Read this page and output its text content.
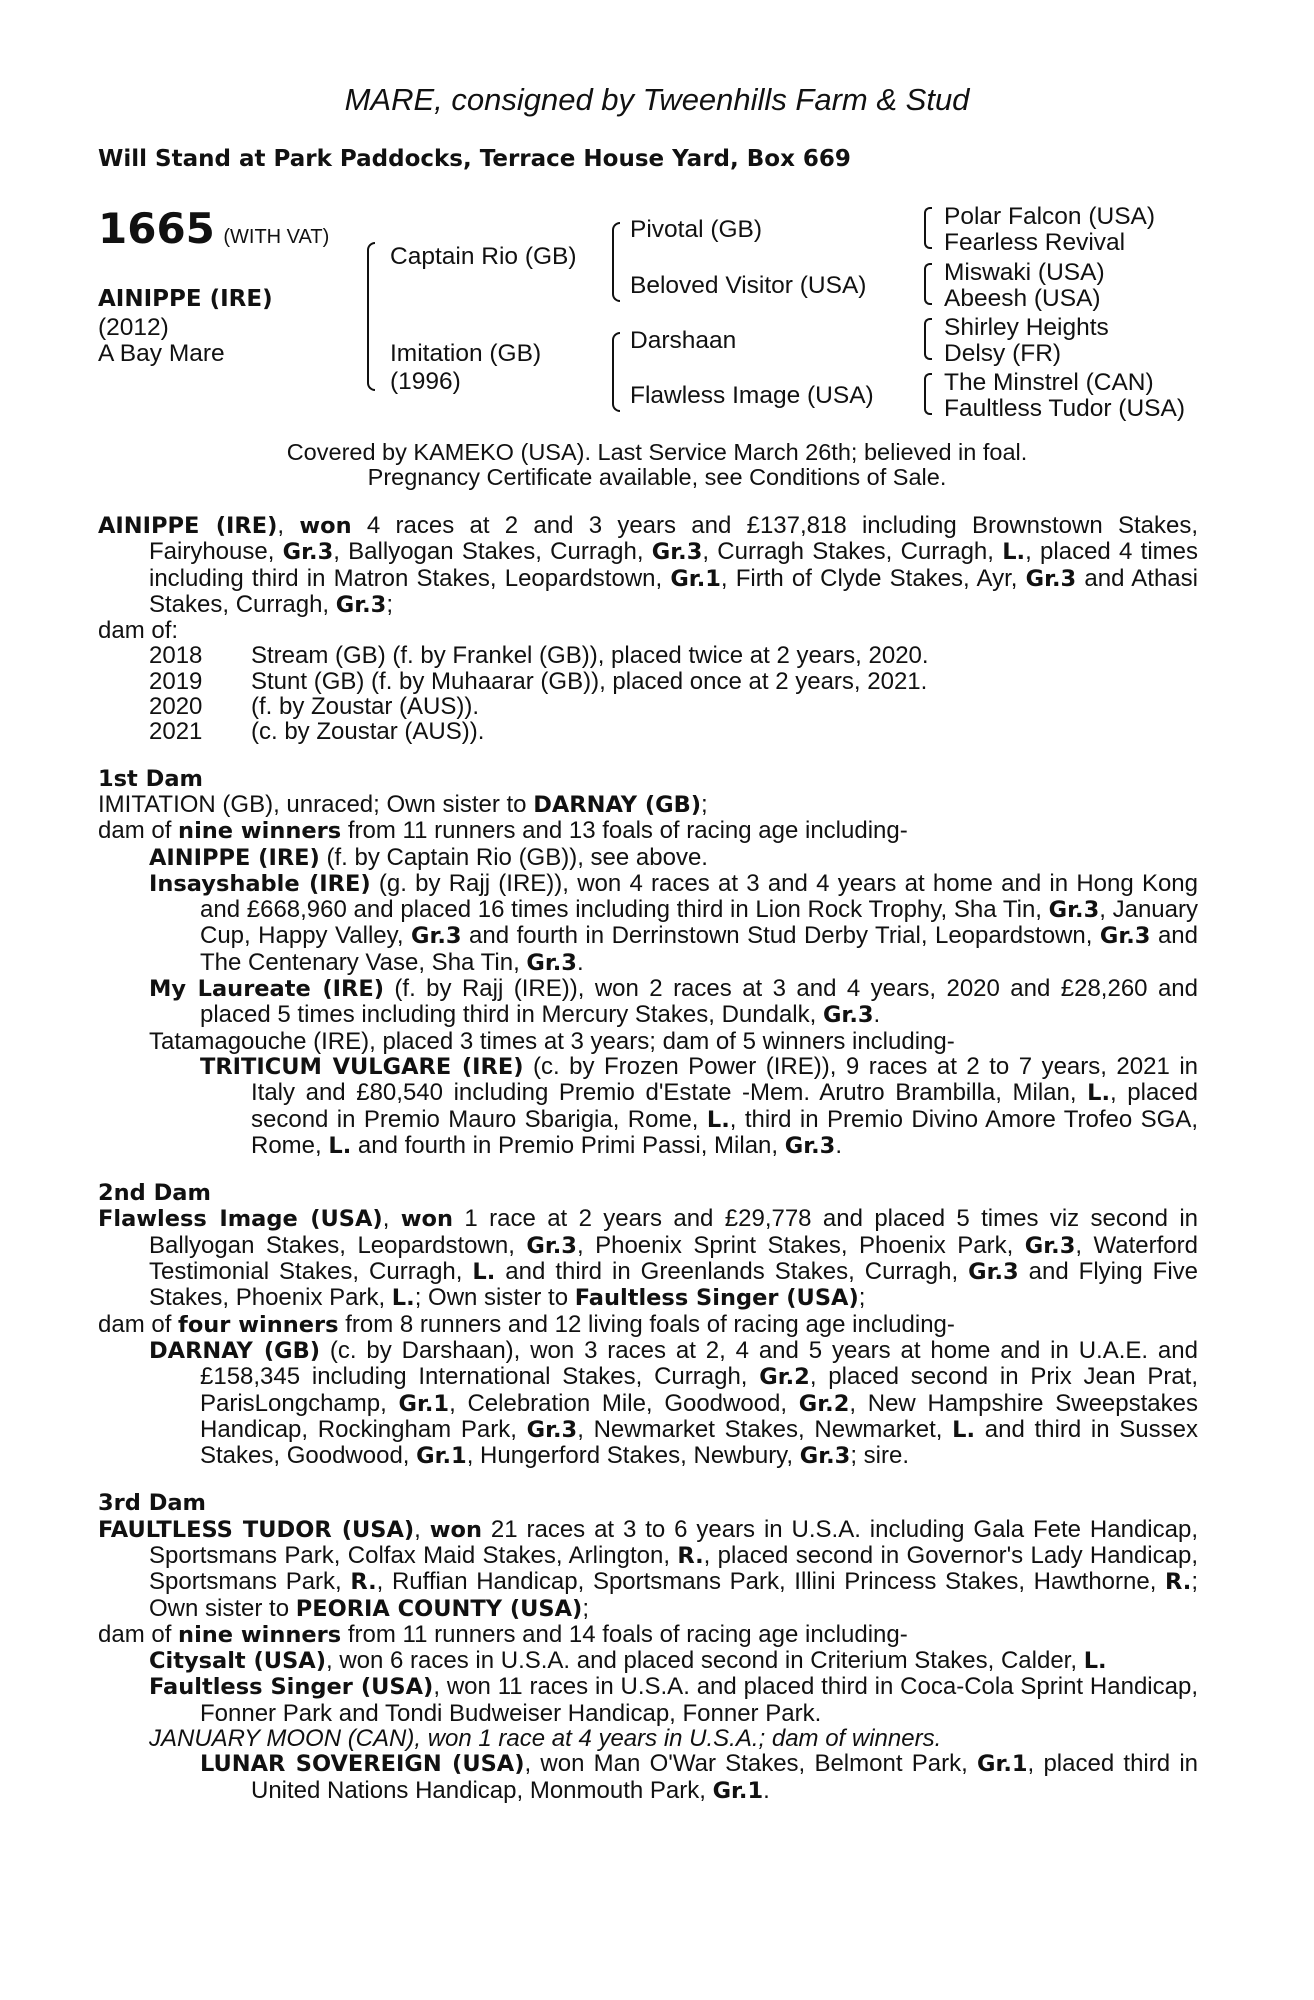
MARE, consigned by Tweenhills Farm & Stud
Will Stand at Park Paddocks, Terrace House Yard, Box 669
1665 (WITH VAT)
AINIPPE (IRE)
(2012)
A Bay Mare
Captain Rio (GB)
Imitation (GB)
(1996)
Pivotal (GB)
Beloved Visitor (USA)
Darshaan
Flawless Image (USA)
Polar Falcon (USA)
Fearless Revival
Miswaki (USA)
Abeesh (USA)
Shirley Heights
Delsy (FR)
The Minstrel (CAN)
Faultless Tudor (USA)
Covered by KAMEKO (USA). Last Service March 26th; believed in foal.
Pregnancy Certificate available, see Conditions of Sale.

AINIPPE (IRE), won 4 races at 2 and 3 years and £137,818 including Brownstown Stakes, Fairyhouse, Gr.3, Ballyogan Stakes, Curragh, Gr.3, Curragh Stakes, Curragh, L., placed 4 times including third in Matron Stakes, Leopardstown, Gr.1, Firth of Clyde Stakes, Ayr, Gr.3 and Athasi Stakes, Curragh, Gr.3;

dam of:

2018	Stream (GB) (f. by Frankel (GB)), placed twice at 2 years, 2020.
2019	Stunt (GB) (f. by Muhaarar (GB)), placed once at 2 years, 2021.
2020	(f. by Zoustar (AUS)).
2021	(c. by Zoustar (AUS)).

1st Dam

IMITATION (GB), unraced; Own sister to DARNAY (GB);

dam of nine winners from 11 runners and 13 foals of racing age including-

AINIPPE (IRE) (f. by Captain Rio (GB)), see above.

Insayshable (IRE) (g. by Rajj (IRE)), won 4 races at 3 and 4 years at home and in Hong Kong and £668,960 and placed 16 times including third in Lion Rock Trophy, Sha Tin, Gr.3, January Cup, Happy Valley, Gr.3 and fourth in Derrinstown Stud Derby Trial, Leopardstown, Gr.3 and The Centenary Vase, Sha Tin, Gr.3.

My Laureate (IRE) (f. by Rajj (IRE)), won 2 races at 3 and 4 years, 2020 and £28,260 and placed 5 times including third in Mercury Stakes, Dundalk, Gr.3.

Tatamagouche (IRE), placed 3 times at 3 years; dam of 5 winners including-

TRITICUM VULGARE (IRE) (c. by Frozen Power (IRE)), 9 races at 2 to 7 years, 2021 in Italy and £80,540 including Premio d'Estate -Mem. Arutro Brambilla, Milan, L., placed second in Premio Mauro Sbarigia, Rome, L., third in Premio Divino Amore Trofeo SGA, Rome, L. and fourth in Premio Primi Passi, Milan, Gr.3.

2nd Dam

Flawless Image (USA), won 1 race at 2 years and £29,778 and placed 5 times viz second in Ballyogan Stakes, Leopardstown, Gr.3, Phoenix Sprint Stakes, Phoenix Park, Gr.3, Waterford Testimonial Stakes, Curragh, L. and third in Greenlands Stakes, Curragh, Gr.3 and Flying Five Stakes, Phoenix Park, L.; Own sister to Faultless Singer (USA);

dam of four winners from 8 runners and 12 living foals of racing age including-

DARNAY (GB) (c. by Darshaan), won 3 races at 2, 4 and 5 years at home and in U.A.E. and £158,345 including International Stakes, Curragh, Gr.2, placed second in Prix Jean Prat, ParisLongchamp, Gr.1, Celebration Mile, Goodwood, Gr.2, New Hampshire Sweepstakes Handicap, Rockingham Park, Gr.3, Newmarket Stakes, Newmarket, L. and third in Sussex Stakes, Goodwood, Gr.1, Hungerford Stakes, Newbury, Gr.3; sire.

3rd Dam

FAULTLESS TUDOR (USA), won 21 races at 3 to 6 years in U.S.A. including Gala Fete Handicap, Sportsmans Park, Colfax Maid Stakes, Arlington, R., placed second in Governor's Lady Handicap, Sportsmans Park, R., Ruffian Handicap, Sportsmans Park, Illini Princess Stakes, Hawthorne, R.; Own sister to PEORIA COUNTY (USA);

dam of nine winners from 11 runners and 14 foals of racing age including-

Citysalt (USA), won 6 races in U.S.A. and placed second in Criterium Stakes, Calder, L.

Faultless Singer (USA), won 11 races in U.S.A. and placed third in Coca-Cola Sprint Handicap, Fonner Park and Tondi Budweiser Handicap, Fonner Park.

JANUARY MOON (CAN), won 1 race at 4 years in U.S.A.; dam of winners.

LUNAR SOVEREIGN (USA), won Man O'War Stakes, Belmont Park, Gr.1, placed third in United Nations Handicap, Monmouth Park, Gr.1.
